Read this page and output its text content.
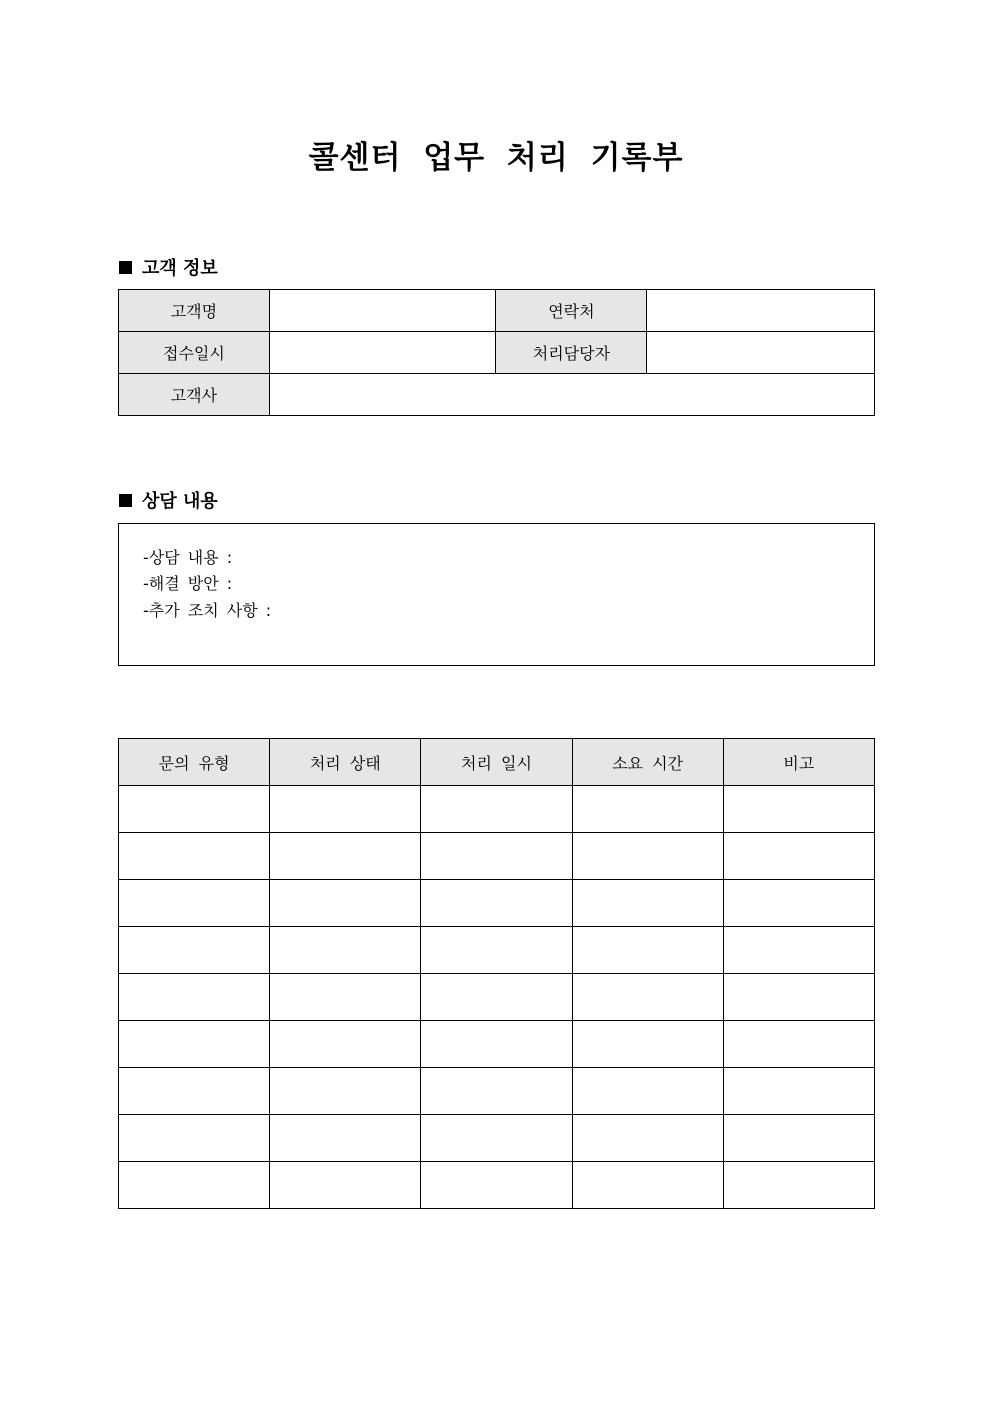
콜센터 업무 처리 기록부
고객 정보
고객명		연락처	
접수일시		처리담당자	
고객사			
상담 내용
-상담 내용 :
-해결 방안 :
-추가 조치 사항 :
문의 유형	처리 상태	처리 일시	소요 시간	비고
